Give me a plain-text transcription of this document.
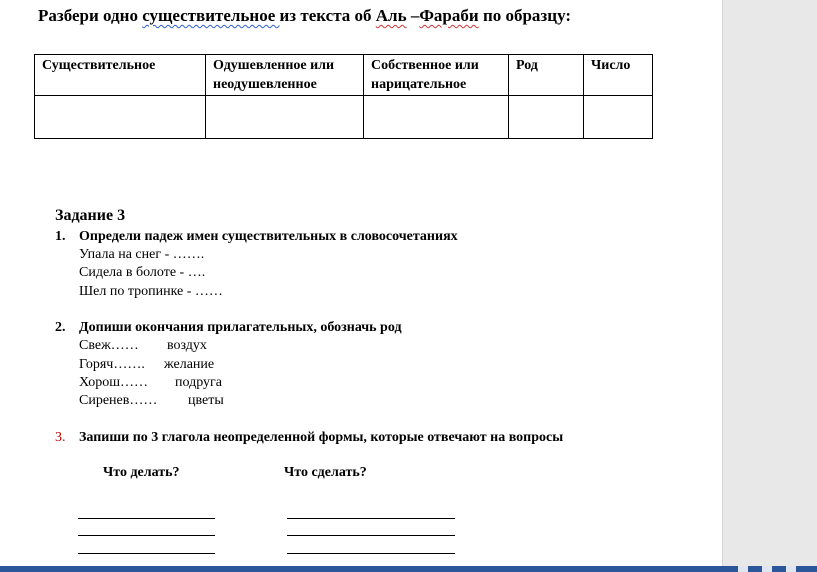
Разбери одно существительное из текста об Аль –Фараби по образцу:
Существительное	Одушевленное или неодушевленное	Собственное или нарицательное	Род	Число

Задание 3
1. Определи падеж имен существительных в словосочетаниях
Упала на снег - …….
Сидела в болоте - ….
Шел по тропинке - ……
2. Допиши окончания прилагательных, обозначь род
Свеж…… воздух
Горяч……. желание
Хорош…… подруга
Сиренев…… цветы
3. Запиши по 3 глагола неопределенной формы, которые отвечают на вопросы
Что делать?	Что сделать?
